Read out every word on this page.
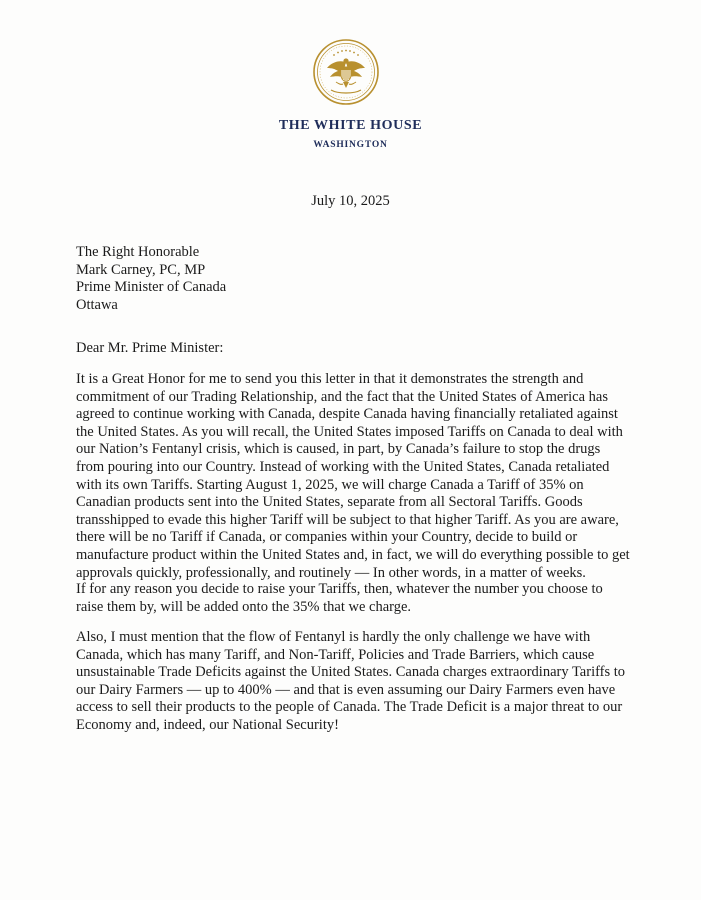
THE WHITE HOUSE
WASHINGTON
July 10, 2025
The Right Honorable
Mark Carney, PC, MP
Prime Minister of Canada
Ottawa
Dear Mr. Prime Minister:
It is a Great Honor for me to send you this letter in that it demonstrates the strength and commitment of our Trading Relationship, and the fact that the United States of America has agreed to continue working with Canada, despite Canada having financially retaliated against the United States. As you will recall, the United States imposed Tariffs on Canada to deal with our Nation’s Fentanyl crisis, which is caused, in part, by Canada’s failure to stop the drugs from pouring into our Country. Instead of working with the United States, Canada retaliated with its own Tariffs. Starting August 1, 2025, we will charge Canada a Tariff of 35% on Canadian products sent into the United States, separate from all Sectoral Tariffs. Goods transshipped to evade this higher Tariff will be subject to that higher Tariff. As you are aware, there will be no Tariff if Canada, or companies within your Country, decide to build or manufacture product within the United States and, in fact, we will do everything possible to get approvals quickly, professionally, and routinely — In other words, in a matter of weeks.
If for any reason you decide to raise your Tariffs, then, whatever the number you choose to raise them by, will be added onto the 35% that we charge.
Also, I must mention that the flow of Fentanyl is hardly the only challenge we have with Canada, which has many Tariff, and Non-Tariff, Policies and Trade Barriers, which cause unsustainable Trade Deficits against the United States. Canada charges extraordinary Tariffs to our Dairy Farmers — up to 400% — and that is even assuming our Dairy Farmers even have access to sell their products to the people of Canada. The Trade Deficit is a major threat to our Economy and, indeed, our National Security!
